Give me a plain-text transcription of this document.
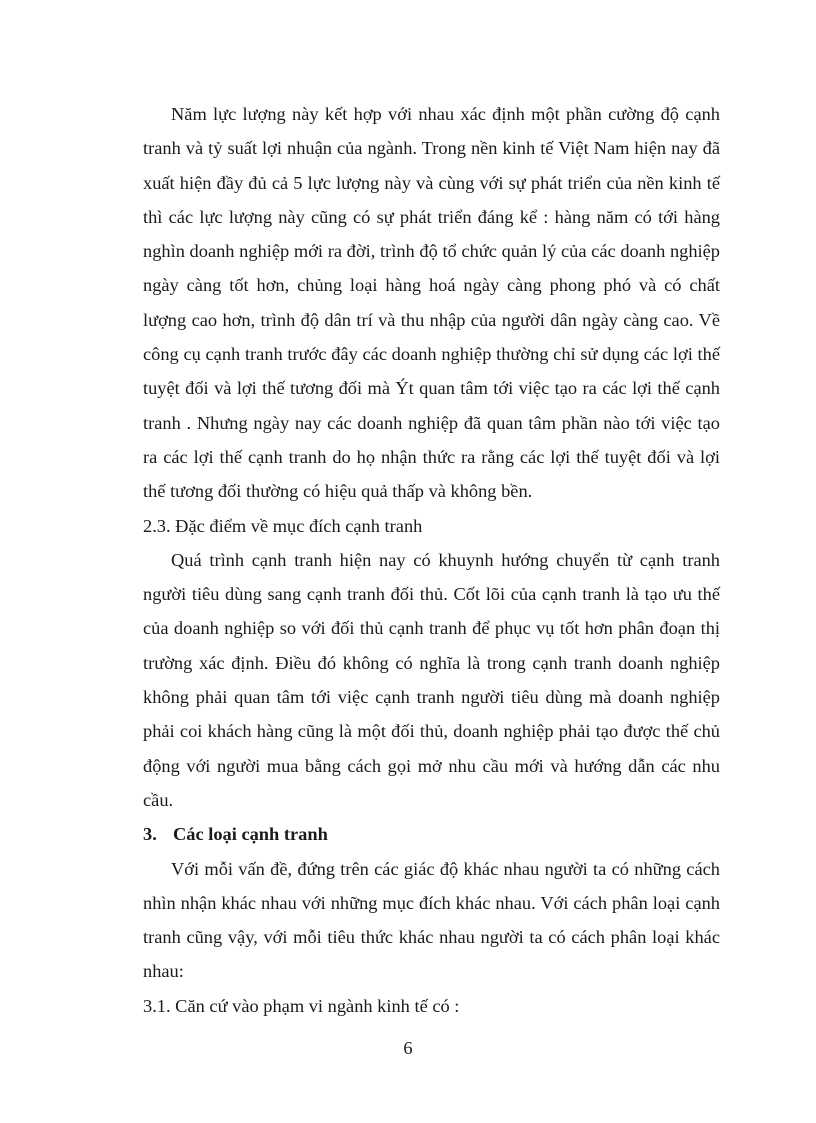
Năm lực lượng này kết hợp với nhau xác định một phần cường độ cạnh tranh và tỷ suất lợi nhuận của ngành. Trong nền kinh tế Việt Nam hiện nay đã xuất hiện đầy đủ cả 5 lực lượng này và cùng với sự phát triển của nền kinh tế thì các lực lượng này cũng có sự phát triển đáng kể : hàng năm có tới hàng nghìn doanh nghiệp mới ra đời, trình độ tổ chức quản lý của các doanh nghiệp ngày càng tốt hơn, chủng loại hàng hoá ngày càng phong phó và có chất lượng cao hơn, trình độ dân trí và thu nhập của người dân ngày càng cao. Về công cụ cạnh tranh trước đây các doanh nghiệp thường chỉ sử dụng các lợi thế tuyệt đối và lợi thế tương đối mà Ýt quan tâm tới việc tạo ra các lợi thế cạnh tranh . Nhưng ngày nay các doanh nghiệp đã quan tâm phần nào tới việc tạo ra các lợi thế cạnh tranh do họ nhận thức ra rằng các lợi thế tuyệt đối và lợi thế tương đối thường có hiệu quả thấp và không bền.

2.3. Đặc điểm về mục đích cạnh tranh

Quá trình cạnh tranh hiện nay có khuynh hướng chuyển từ cạnh tranh người tiêu dùng sang cạnh tranh đối thủ. Cốt lõi của cạnh tranh là tạo ưu thế của doanh nghiệp so với đối thủ cạnh tranh để phục vụ tốt hơn phân đoạn thị trường xác định. Điều đó không có nghĩa là trong cạnh tranh doanh nghiệp không phải quan tâm tới việc cạnh tranh người tiêu dùng mà doanh nghiệp phải coi khách hàng cũng là một đối thủ, doanh nghiệp phải tạo được thế chủ động với người mua bằng cách gọi mở nhu cầu mới và hướng dẫn các nhu cầu.

3. Các loại cạnh tranh

Với mỗi vấn đề, đứng trên các giác độ khác nhau người ta có những cách nhìn nhận khác nhau với những mục đích khác nhau. Với cách phân loại cạnh tranh cũng vậy, với mỗi tiêu thức khác nhau người ta có cách phân loại khác nhau:

3.1. Căn cứ vào phạm vi ngành kinh tế có :

6
